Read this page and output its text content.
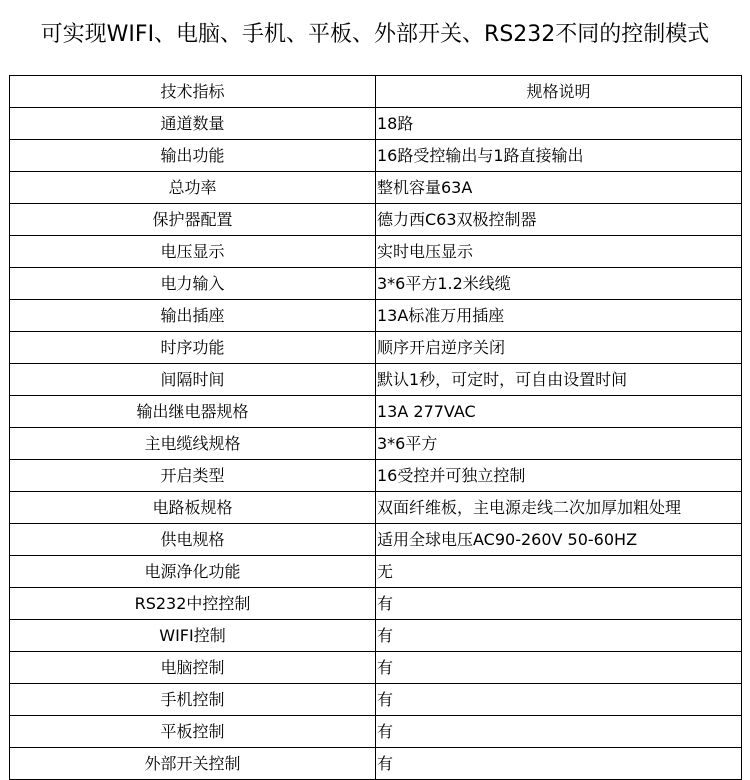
可实现WIFI、电脑、手机、平板、外部开关、RS232不同的控制模式
技术指标	规格说明
通道数量	18路
输出功能	16路受控输出与1路直接输出
总功率	整机容量63A
保护器配置	德力西C63双极控制器
电压显示	实时电压显示
电力输入	3*6平方1.2米线缆
输出插座	13A标准万用插座
时序功能	顺序开启逆序关闭
间隔时间	默认1秒，可定时，可自由设置时间
输出继电器规格	13A 277VAC
主电缆线规格	3*6平方
开启类型	16受控并可独立控制
电路板规格	双面纤维板，主电源走线二次加厚加粗处理
供电规格	适用全球电压AC90-260V 50-60HZ
电源净化功能	无
RS232中控控制	有
WIFI控制	有
电脑控制	有
手机控制	有
平板控制	有
外部开关控制	有
